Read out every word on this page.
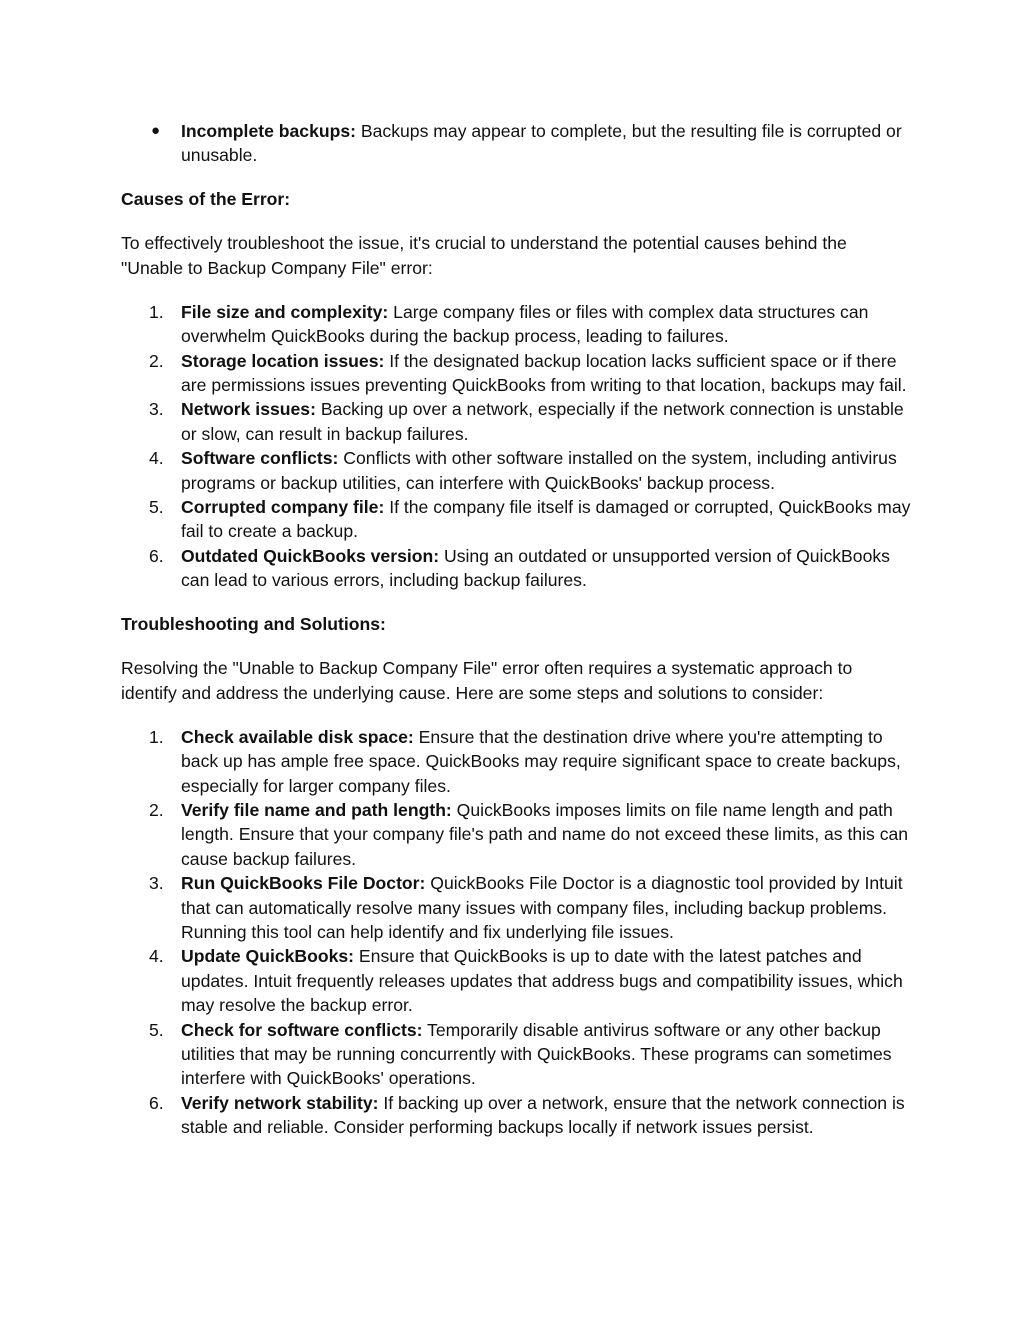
●	Incomplete backups: Backups may appear to complete, but the resulting file is corrupted or unusable.

Causes of the Error:

To effectively troubleshoot the issue, it's crucial to understand the potential causes behind the "Unable to Backup Company File" error:

1. File size and complexity: Large company files or files with complex data structures can overwhelm QuickBooks during the backup process, leading to failures.
2. Storage location issues: If the designated backup location lacks sufficient space or if there are permissions issues preventing QuickBooks from writing to that location, backups may fail.
3. Network issues: Backing up over a network, especially if the network connection is unstable or slow, can result in backup failures.
4. Software conflicts: Conflicts with other software installed on the system, including antivirus programs or backup utilities, can interfere with QuickBooks' backup process.
5. Corrupted company file: If the company file itself is damaged or corrupted, QuickBooks may fail to create a backup.
6. Outdated QuickBooks version: Using an outdated or unsupported version of QuickBooks can lead to various errors, including backup failures.

Troubleshooting and Solutions:

Resolving the "Unable to Backup Company File" error often requires a systematic approach to identify and address the underlying cause. Here are some steps and solutions to consider:

1. Check available disk space: Ensure that the destination drive where you're attempting to back up has ample free space. QuickBooks may require significant space to create backups, especially for larger company files.
2. Verify file name and path length: QuickBooks imposes limits on file name length and path length. Ensure that your company file's path and name do not exceed these limits, as this can cause backup failures.
3. Run QuickBooks File Doctor: QuickBooks File Doctor is a diagnostic tool provided by Intuit that can automatically resolve many issues with company files, including backup problems. Running this tool can help identify and fix underlying file issues.
4. Update QuickBooks: Ensure that QuickBooks is up to date with the latest patches and updates. Intuit frequently releases updates that address bugs and compatibility issues, which may resolve the backup error.
5. Check for software conflicts: Temporarily disable antivirus software or any other backup utilities that may be running concurrently with QuickBooks. These programs can sometimes interfere with QuickBooks' operations.
6. Verify network stability: If backing up over a network, ensure that the network connection is stable and reliable. Consider performing backups locally if network issues persist.
